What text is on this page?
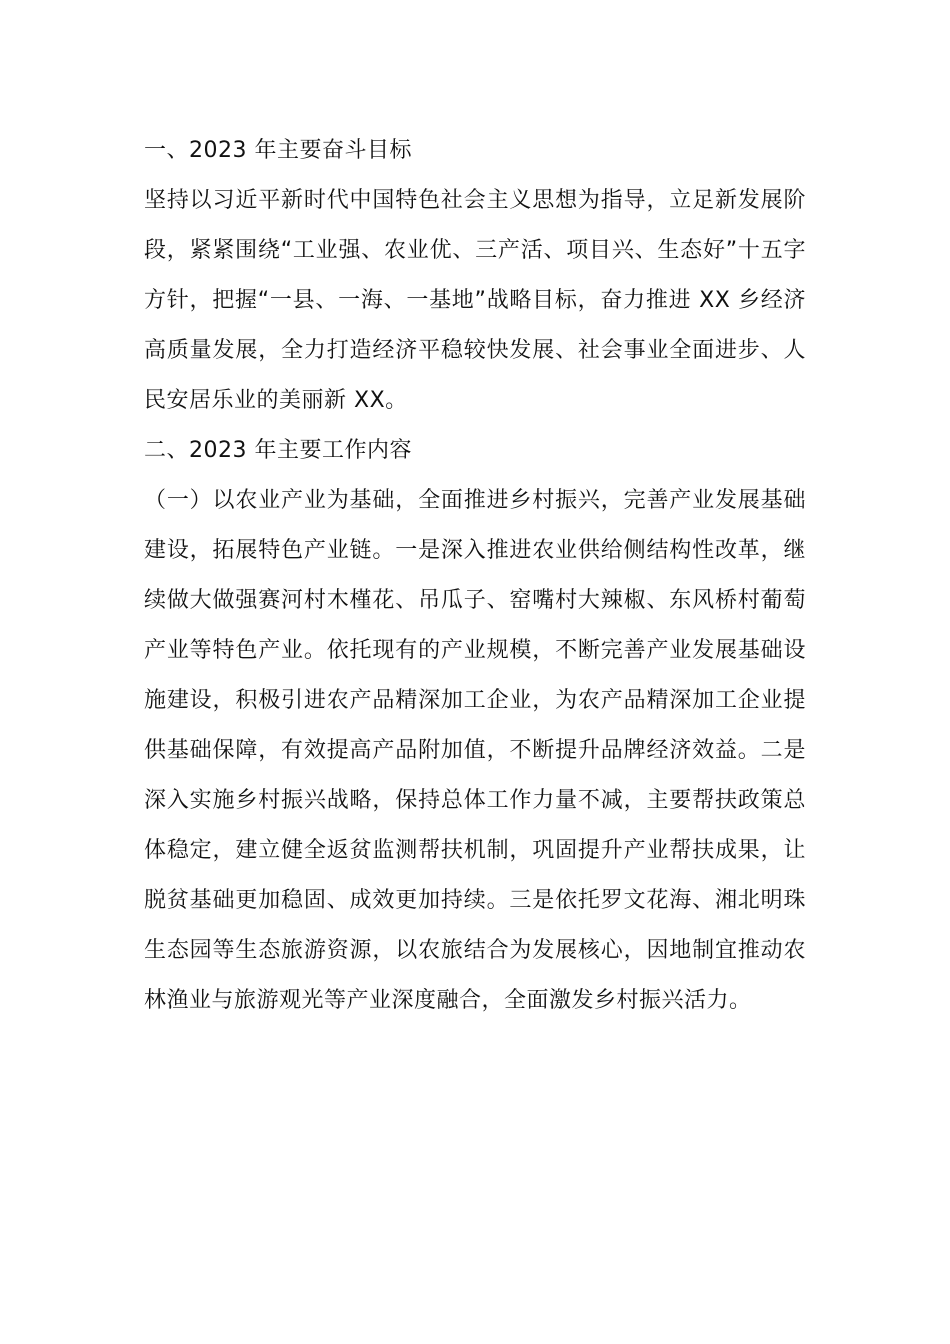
一、2023 年主要奋斗目标

坚持以习近平新时代中国特色社会主义思想为指导，立足新发展阶段，紧紧围绕“工业强、农业优、三产活、项目兴、生态好”十五字方针，把握“一县、一海、一基地”战略目标，奋力推进 XX 乡经济高质量发展，全力打造经济平稳较快发展、社会事业全面进步、人民安居乐业的美丽新 XX。

二、2023 年主要工作内容

（一）以农业产业为基础，全面推进乡村振兴，完善产业发展基础建设，拓展特色产业链。一是深入推进农业供给侧结构性改革，继续做大做强赛河村木槿花、吊瓜子、窑嘴村大辣椒、东风桥村葡萄产业等特色产业。依托现有的产业规模，不断完善产业发展基础设施建设，积极引进农产品精深加工企业，为农产品精深加工企业提供基础保障，有效提高产品附加值，不断提升品牌经济效益。二是深入实施乡村振兴战略，保持总体工作力量不减，主要帮扶政策总体稳定，建立健全返贫监测帮扶机制，巩固提升产业帮扶成果，让脱贫基础更加稳固、成效更加持续。三是依托罗文花海、湘北明珠生态园等生态旅游资源，以农旅结合为发展核心，因地制宜推动农林渔业与旅游观光等产业深度融合，全面激发乡村振兴活力。
